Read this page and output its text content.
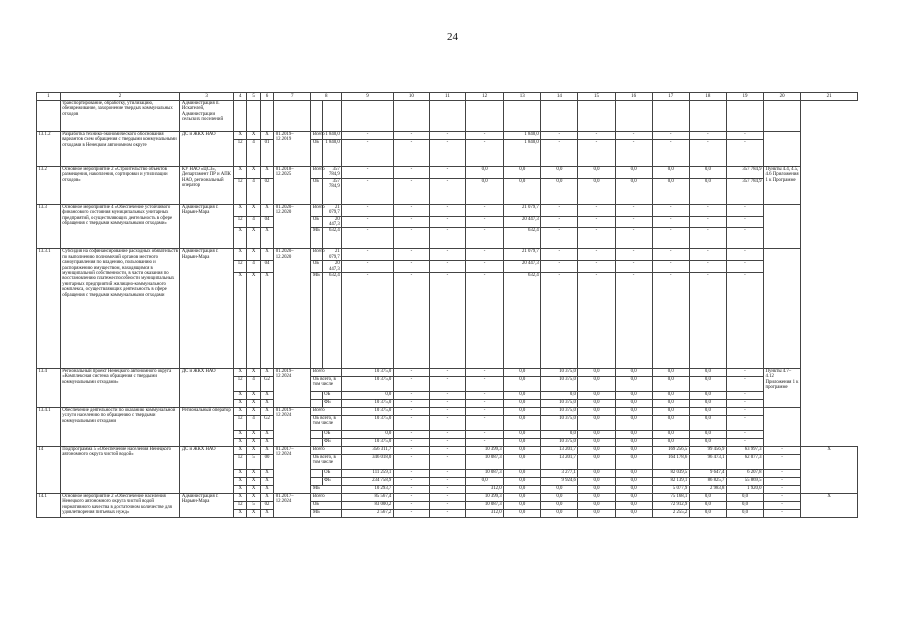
24
1	2	3	4	5	6	7	8		9	10	11	12	13	14	15	16	17	18	19	20	21
	транспортирование, обработку, утилизацию, обезвреживание, захоронение твердых коммунальных отходов	Администрация п. Искателей, Администрации сельских поселений																			
13.1.2	Разработка технико-экономического обоснования вариантов схем обращения с твердыми коммунальными отходами в Ненецком автономном округе	ДС и ЖКХ НАО	X	X	X	01.2019–12.2019	Всего	1 840,0	-	-	-	-	1 840,0	-	-	-	-	-	-		
			12	4	01		ОБ	1 840,0	-	-	-	-	1 840,0	-	-	-	-	-	-		
13.2	Основное мероприятие 2 «Строительство объектов размещения, накопления, сортировки и утилизации отходов»	КУ НАО «ЦСЗ», Департамент ПР и АПК НАО, региональный оператор	X	X	X	01.2018–12.2025	Всего	357 784,9	-	-	-	0,0	0,0	0,0	0,0	0,0	0,0	0,0	357 784,9	Пункты 4.4, 4.5, 4.6 Приложения 1 к Программе	
			12	4	02		ОБ	357 784,9	-	-	-	0,0	0,0	0,0	0,0	0,0	0,0	0,0	357 784,9		
13.3	Основное мероприятие 4 «Обеспечение устойчивого финансового состояния муниципальных унитарных предприятий, осуществляющих деятельность в сфере обращения с твердыми коммунальными отходами»	Администрация г. Нарьян-Мара	X	X	X	01.2020–12.2020	Всего	21 079,7	-	-	-	-	21 079,7	-	-	-	-	-	-		
			12	4	04		ОБ	20 447,3	-	-	-	-	20 447,3	-	-	-	-	-	-		
			X	X	X		МБ	632,4	-	-	-	-	632,4	-	-	-	-	-	-		
13.3.1	Субсидия на софинансирование расходных обязательств по выполнению полномочий органов местного самоуправления по владению, пользованию и распоряжению имуществом, находящимся в муниципальной собственности, в части оказания по восстановлению платежеспособности муниципальных унитарных предприятий жилищно-коммунального комплекса, осуществляющих деятельность в сфере обращения с твердыми коммунальными отходами	Администрация г. Нарьян-Мара	X	X	X	01.2020–12.2020	Всего	21 079,7	-	-	-	-	21 079,7	-	-	-	-	-	-		
			12	4	04		ОБ	20 447,3	-	-	-	-	20 447,3	-	-	-	-	-	-		
			X	X	X		МБ	632,4	-	-	-	-	632,4	-	-	-	-	-	-		
13.4	Региональный проект Ненецкого автономного округа «Комплексная система обращения с твердыми коммунальными отходами»	ДС и ЖКХ НАО	X	X	X	01.2019–12.2024	Всего		10 375,0	-	-	-	0,0	10 375,0	0,0	0,0	0,0	0,0	-	Пункты 4.7–4.12 Приложения 1 к программе	
			12	4	G2		ОБ всего, в том числе		10 375,0	-	-	-	0,0	10 375,0	0,0	0,0	0,0	0,0	-		
			X	X	X			ОБ	0,0	-	-	-	0,0	0,0	0,0	0,0	0,0	0,0	-		
			X	X	X			ФБ	10 375,0	-	-	-	0,0	10 375,0	0,0	0,0	0,0	0,0	-		
13.4.1	Обеспечение деятельности по оказанию коммунальной услуги населению по обращению с твердыми коммунальными отходами	Региональный оператор	X	X	X	01.2019–12.2024	Всего		10 375,0	-	-	-	0,0	10 375,0	0,0	0,0	0,0	0,0	-		
			12	4	G2		ОБ всего, в том числе		10 375,0	-	-	-	0,0	10 375,0	0,0	0,0	0,0	0,0	-		
			X	X	X			ОБ	0,0	-	-	-	0,0	0,0	0,0	0,0	0,0	0,0	-		
			X	X	X			ФБ	10 375,0	-	-	-	0,0	10 375,0	0,0	0,0	0,0	0,0	-		
14	Подпрограмма 5 «Обеспечение населения Ненецкого автономного округа чистой водой»	ДС и ЖКХ НАО	X	X	X	01.2017–12.2024	Всего		356 311,7	-	-	10 399,3	0,0	13 201,7	0,0	0,0	169 256,5	99 456,9	63 997,3	-	X
			12	5	00		ОБ всего, в том числе		346 018,0	-	-	10 087,3	0,0	13 201,7	0,0	0,0	164 178,6	96 473,1	62 077,3	-	
			X	X	X			ОБ	111 259,1	-	-	10 087,3	0,0	3 277,1	0,0	0,0	82 039,5	9 647,4	6 207,8	-	
			X	X	X			ФБ	234 758,9	-	-	0,0	0,0	9 924,6	0,0	0,0	82 139,1	86 825,7	55 869,5	-	
			X	X	X		МБ		10 293,7	-	-	312,0	0,0	0,0	0,0	0,0	5 077,9	2 983,8	1 920,0	-	
14.1	Основное мероприятие 2 «Обеспечение населения Ненецкого автономного округа чистой водой нормативного качества в достаточном количестве для удовлетворения питьевых нужд»	Администрация г. Нарьян-Мара	X	X	X	01.2017–12.2024	Всего		85 567,4	-	-	10 399,3	0,0	0,0	0,0	0,0	75 168,1	0,0	0,0	-	X
			12	5	02		ОБ		83 000,2	-	-	10 087,3	0,0	0,0	0,0	0,0	72 912,9	0,0	0,0	-	
			X	X	X		МБ		2 567,2	-	-	312,0	0,0	0,0	0,0	0,0	2 255,2	0,0	0,0	-	
